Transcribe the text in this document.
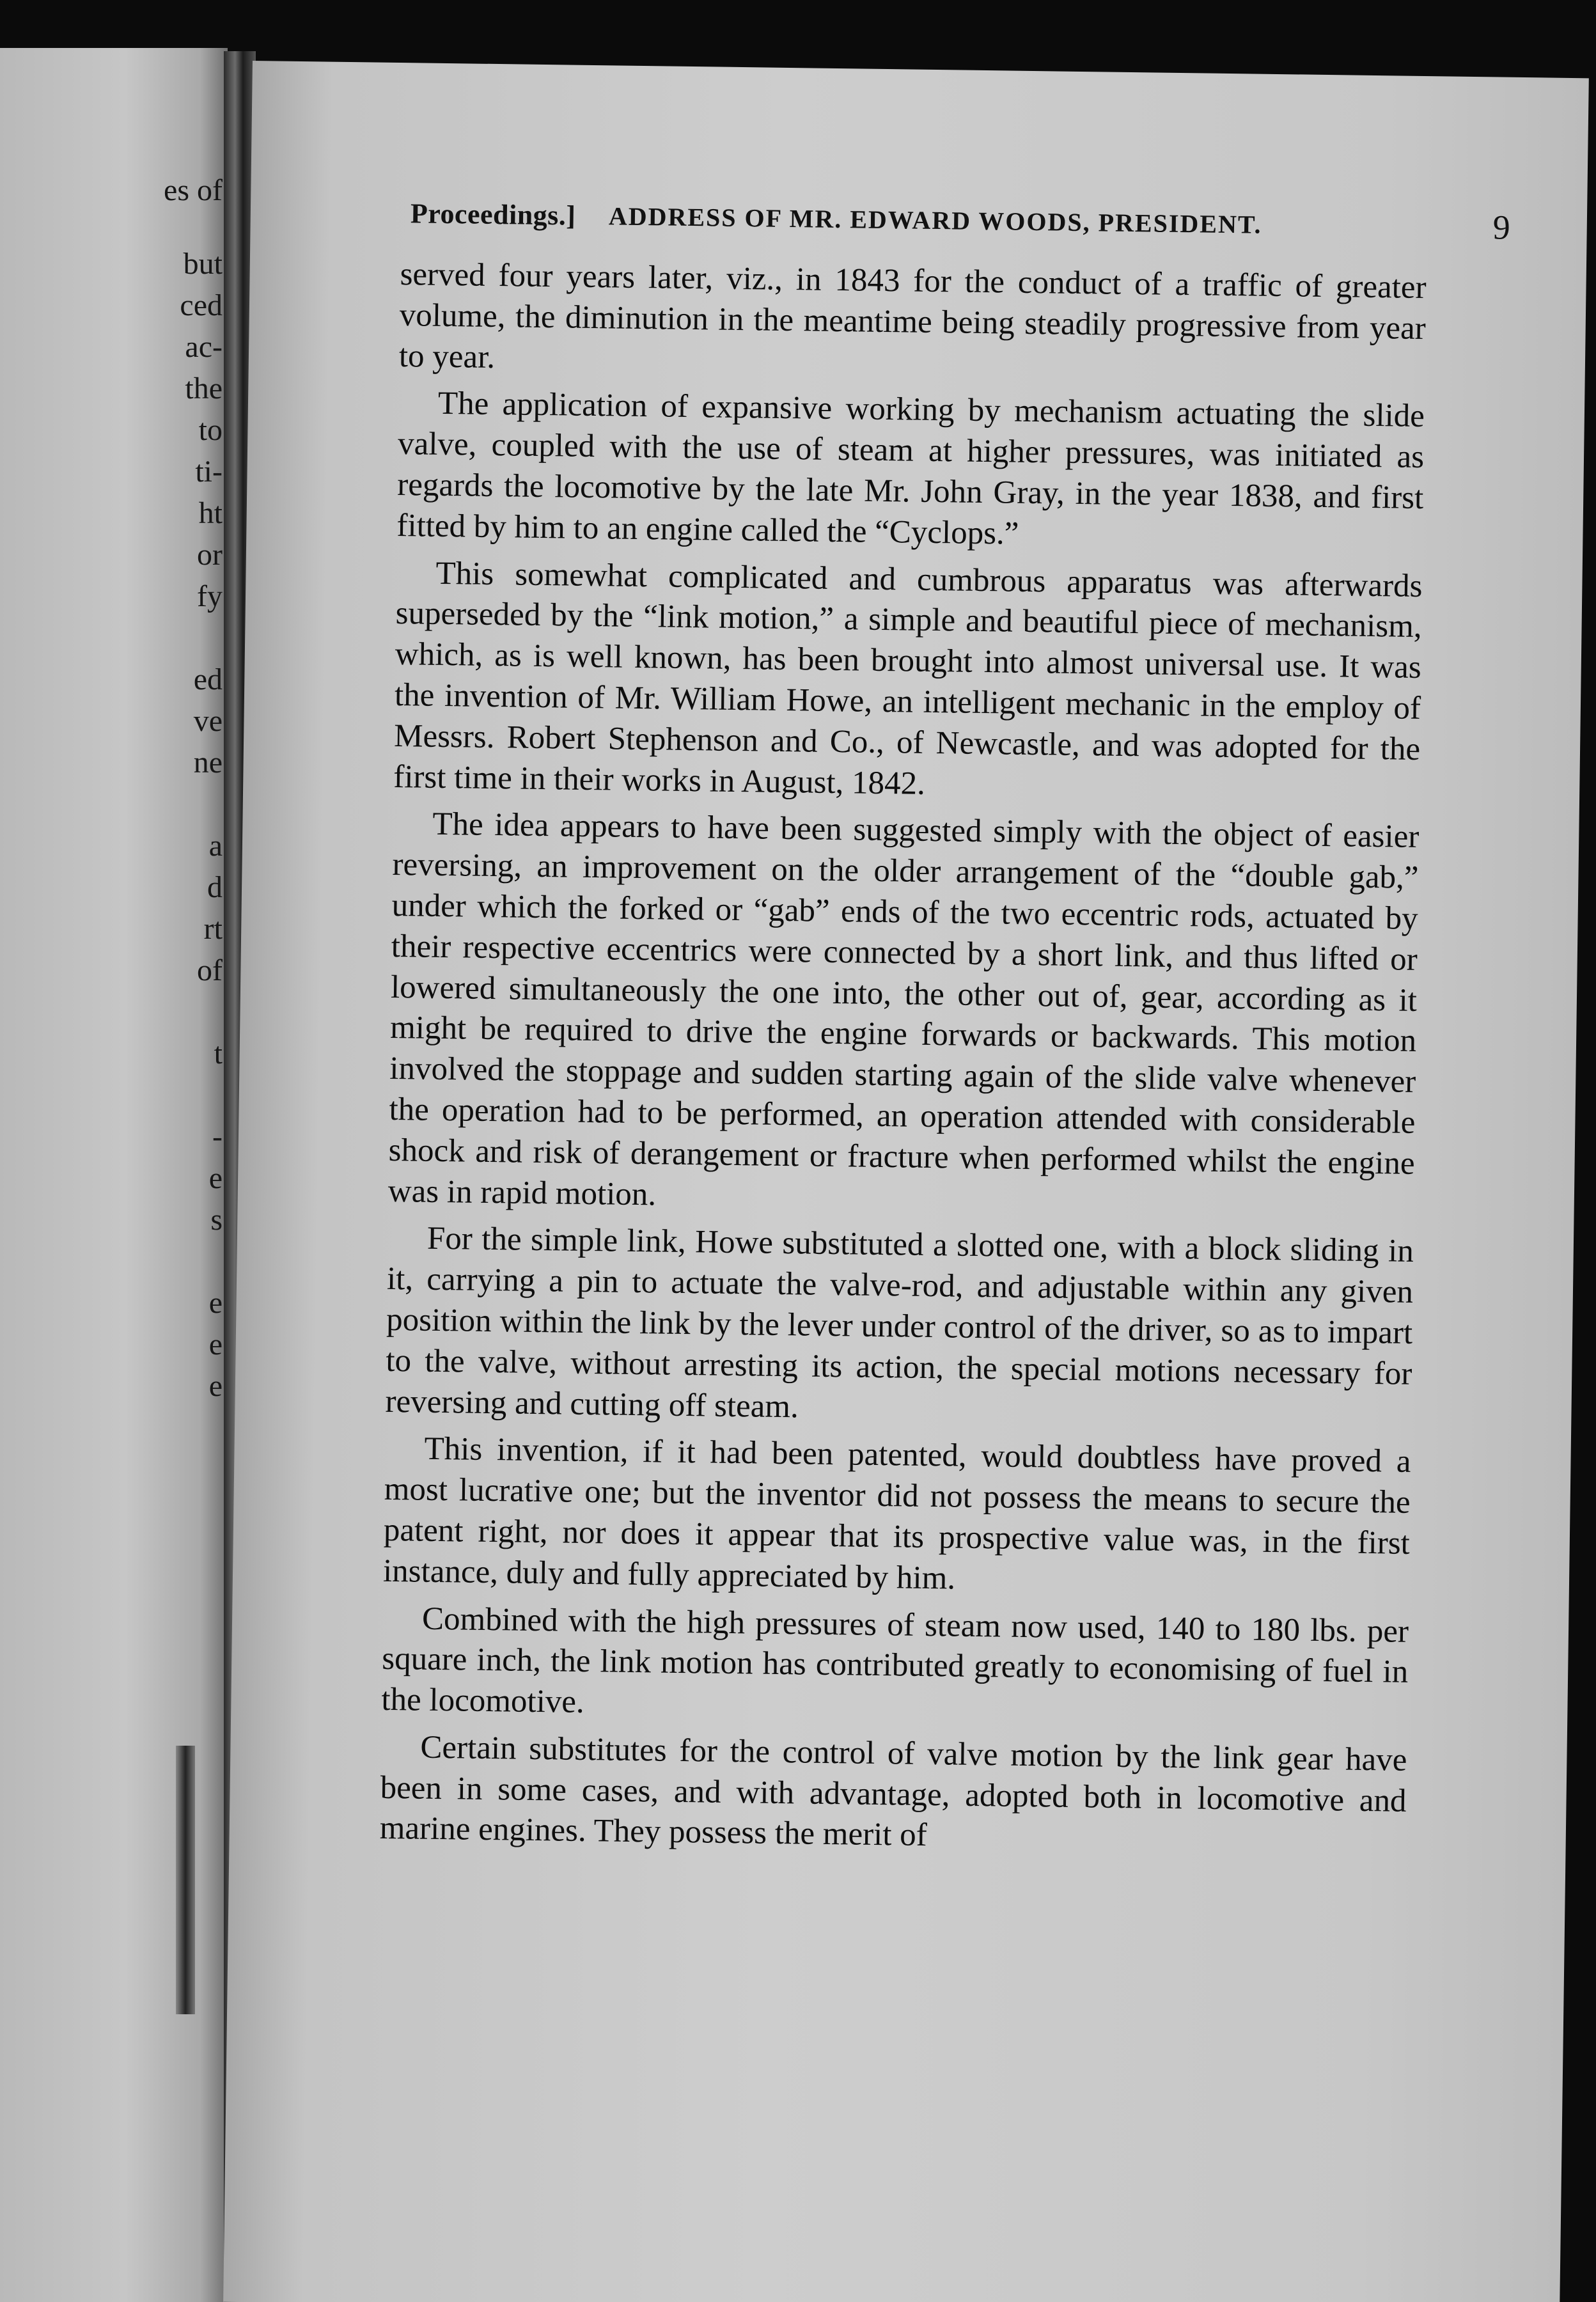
es of
but
ced
ac-
the
to
ti-
ht
or
fy
ed
ve
ne
a
d
rt
of
t
-
e
s
e
e
e
Proceedings.] ADDRESS OF MR. EDWARD WOODS, PRESIDENT.	9

served four years later, viz., in 1843 for the conduct of a traffic of greater volume, the diminution in the meantime being steadily progressive from year to year.

The application of expansive working by mechanism actuating the slide valve, coupled with the use of steam at higher pressures, was initiated as regards the locomotive by the late Mr. John Gray, in the year 1838, and first fitted by him to an engine called the “Cyclops.”

This somewhat complicated and cumbrous apparatus was afterwards superseded by the “link motion,” a simple and beautiful piece of mechanism, which, as is well known, has been brought into almost universal use. It was the invention of Mr. William Howe, an intelligent mechanic in the employ of Messrs. Robert Stephenson and Co., of Newcastle, and was adopted for the first time in their works in August, 1842.

The idea appears to have been suggested simply with the object of easier reversing, an improvement on the older arrangement of the “double gab,” under which the forked or “gab” ends of the two eccentric rods, actuated by their respective eccentrics were connected by a short link, and thus lifted or lowered simultaneously the one into, the other out of, gear, according as it might be required to drive the engine forwards or backwards. This motion involved the stoppage and sudden starting again of the slide valve whenever the operation had to be performed, an operation attended with considerable shock and risk of derangement or fracture when performed whilst the engine was in rapid motion.

For the simple link, Howe substituted a slotted one, with a block sliding in it, carrying a pin to actuate the valve-rod, and adjustable within any given position within the link by the lever under control of the driver, so as to impart to the valve, without arresting its action, the special motions necessary for reversing and cutting off steam.

This invention, if it had been patented, would doubtless have proved a most lucrative one; but the inventor did not possess the means to secure the patent right, nor does it appear that its prospective value was, in the first instance, duly and fully appreciated by him.

Combined with the high pressures of steam now used, 140 to 180 lbs. per square inch, the link motion has contributed greatly to economising of fuel in the locomotive.

Certain substitutes for the control of valve motion by the link gear have been in some cases, and with advantage, adopted both in locomotive and marine engines. They possess the merit of
